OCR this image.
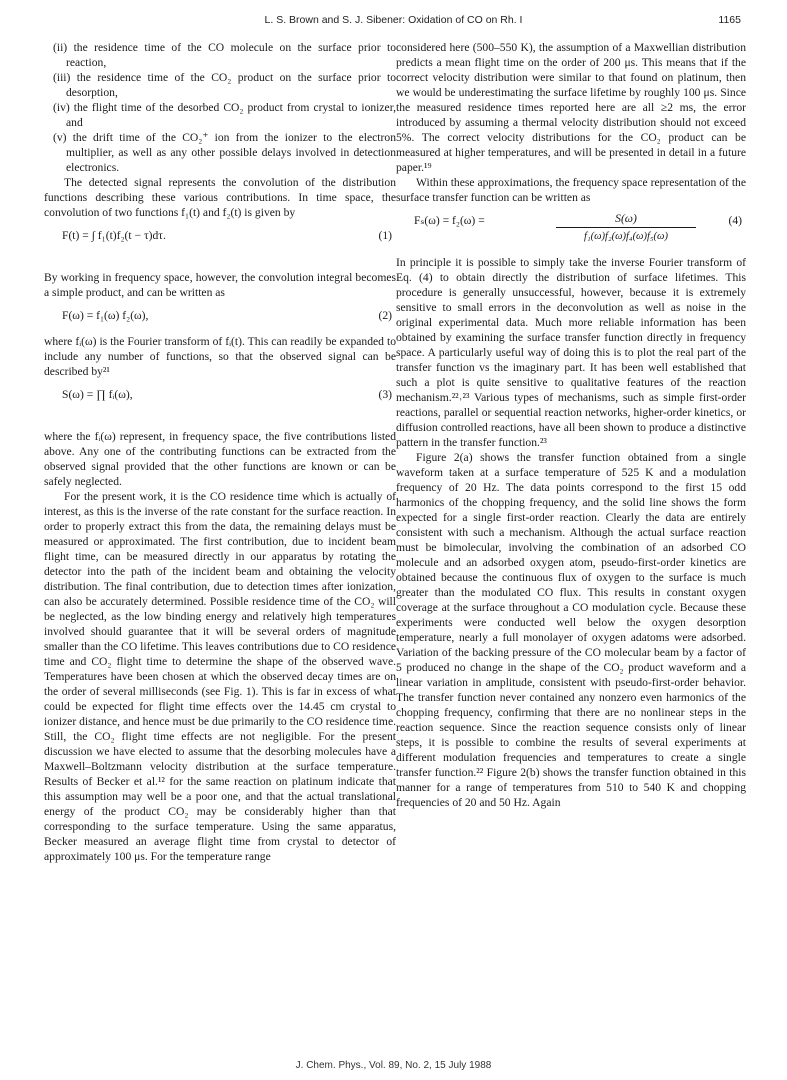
L. S. Brown and S. J. Sibener: Oxidation of CO on Rh. I	1165

(ii) the residence time of the CO molecule on the surface prior to reaction,

(iii) the residence time of the CO₂ product on the surface prior to desorption,

(iv) the flight time of the desorbed CO₂ product from crystal to ionizer, and

(v) the drift time of the CO₂⁺ ion from the ionizer to the electron multiplier, as well as any other possible delays involved in detection electronics.

The detected signal represents the convolution of the distribution functions describing these various contributions. In time space, the convolution of two functions f₁(t) and f₂(t) is given by

F(t) = ∫ f₁(t)f₂(t − τ)dτ.	(1)

By working in frequency space, however, the convolution integral becomes a simple product, and can be written as

F(ω) = f₁(ω) f₂(ω),	(2)

where fᵢ(ω) is the Fourier transform of fᵢ(t). This can readily be expanded to include any number of functions, so that the observed signal can be described by²¹

S(ω) = ∏ fᵢ(ω),	(3)

where the fᵢ(ω) represent, in frequency space, the five contributions listed above. Any one of the contributing functions can be extracted from the observed signal provided that the other functions are known or can be safely neglected.

For the present work, it is the CO residence time which is actually of interest, as this is the inverse of the rate constant for the surface reaction. In order to properly extract this from the data, the remaining delays must be measured or approximated. The first contribution, due to incident beam flight time, can be measured directly in our apparatus by rotating the detector into the path of the incident beam and obtaining the velocity distribution. The final contribution, due to detection times after ionization, can also be accurately determined. Possible residence time of the CO₂ will be neglected, as the low binding energy and relatively high temperatures involved should guarantee that it will be several orders of magnitude smaller than the CO lifetime. This leaves contributions due to CO residence time and CO₂ flight time to determine the shape of the observed wave. Temperatures have been chosen at which the observed decay times are on the order of several milliseconds (see Fig. 1). This is far in excess of what could be expected for flight time effects over the 14.45 cm crystal to ionizer distance, and hence must be due primarily to the CO residence time. Still, the CO₂ flight time effects are not negligible. For the present discussion we have elected to assume that the desorbing molecules have a Maxwell–Boltzmann velocity distribution at the surface temperature. Results of Becker et al.¹² for the same reaction on platinum indicate that this assumption may well be a poor one, and that the actual translational energy of the product CO₂ may be considerably higher than that corresponding to the surface temperature. Using the same apparatus, Becker measured an average flight time from crystal to detector of approximately 100 μs. For the temperature range

considered here (500–550 K), the assumption of a Maxwellian distribution predicts a mean flight time on the order of 200 μs. This means that if the correct velocity distribution were similar to that found on platinum, then we would be underestimating the surface lifetime by roughly 100 μs. Since the measured residence times reported here are all ≥2 ms, the error introduced by assuming a thermal velocity distribution should not exceed 5%. The correct velocity distributions for the CO₂ product can be measured at higher temperatures, and will be presented in detail in a future paper.¹⁹

Within these approximations, the frequency space representation of the surface transfer function can be written as

Fₛ(ω) = f₂(ω) =	$\frac{S(\omega)}{\text{f₁(ω)f₂(ω)f₄(ω)f₅(ω)}}$	(4)

In principle it is possible to simply take the inverse Fourier transform of Eq. (4) to obtain directly the distribution of surface lifetimes. This procedure is generally unsuccessful, however, because it is extremely sensitive to small errors in the deconvolution as well as noise in the original experimental data. Much more reliable information has been obtained by examining the surface transfer function directly in frequency space. A particularly useful way of doing this is to plot the real part of the transfer function vs the imaginary part. It has been well established that such a plot is quite sensitive to qualitative features of the reaction mechanism.²²˒²³ Various types of mechanisms, such as simple first-order reactions, parallel or sequential reaction networks, higher-order kinetics, or diffusion controlled reactions, have all been shown to produce a distinctive pattern in the transfer function.²³

Figure 2(a) shows the transfer function obtained from a single waveform taken at a surface temperature of 525 K and a modulation frequency of 20 Hz. The data points correspond to the first 15 odd harmonics of the chopping frequency, and the solid line shows the form expected for a single first-order reaction. Clearly the data are entirely consistent with such a mechanism. Although the actual surface reaction must be bimolecular, involving the combination of an adsorbed CO molecule and an adsorbed oxygen atom, pseudo-first-order kinetics are obtained because the continuous flux of oxygen to the surface is much greater than the modulated CO flux. This results in constant oxygen coverage at the surface throughout a CO modulation cycle. Because these experiments were conducted well below the oxygen desorption temperature, nearly a full monolayer of oxygen adatoms were adsorbed. Variation of the backing pressure of the CO molecular beam by a factor of 5 produced no change in the shape of the CO₂ product waveform and a linear variation in amplitude, consistent with pseudo-first-order behavior. The transfer function never contained any nonzero even harmonics of the chopping frequency, confirming that there are no nonlinear steps in the reaction sequence. Since the reaction sequence consists only of linear steps, it is possible to combine the results of several experiments at different modulation frequencies and temperatures to create a single transfer function.²² Figure 2(b) shows the transfer function obtained in this manner for a range of temperatures from 510 to 540 K and chopping frequencies of 20 and 50 Hz. Again

J. Chem. Phys., Vol. 89, No. 2, 15 July 1988
